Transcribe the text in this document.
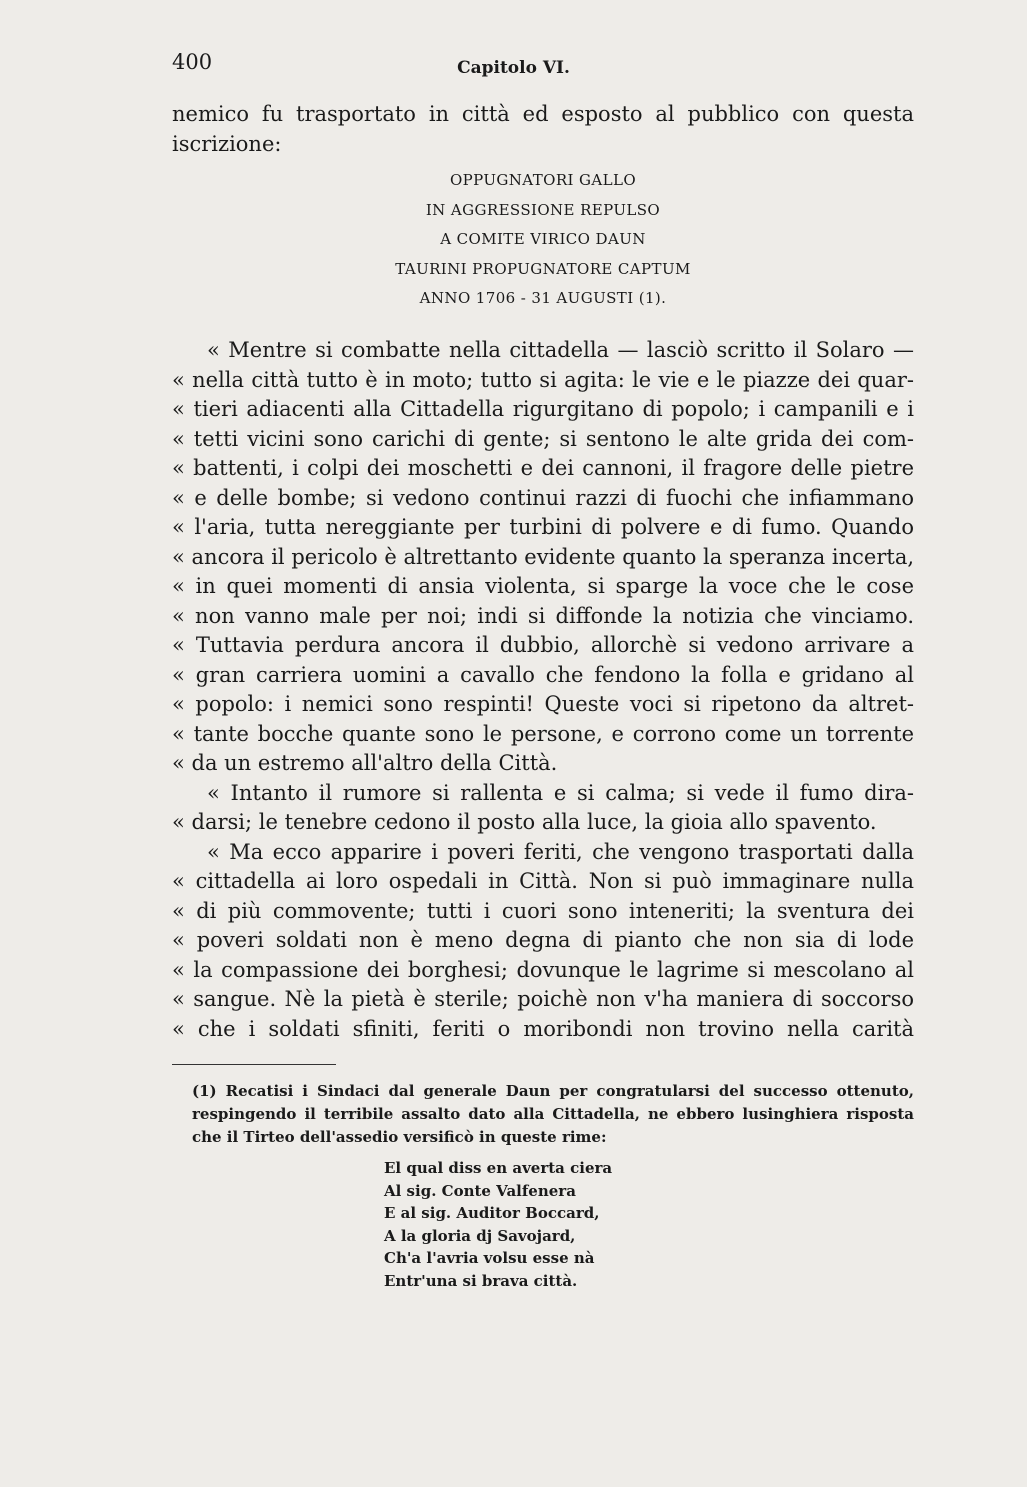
400	Capitolo VI.

nemico fu trasportato in città ed esposto al pubblico con questa iscrizione:

OPPUGNATORI GALLO
IN AGGRESSIONE REPULSO
A COMITE VIRICO DAUN
TAURINI PROPUGNATORE CAPTUM
ANNO 1706 - 31 AUGUSTI (1).
« Mentre si combatte nella cittadella — lasciò scritto il Solaro —
« nella città tutto è in moto; tutto si agita: le vie e le piazze dei quar-
« tieri adiacenti alla Cittadella rigurgitano di popolo; i campanili e i
« tetti vicini sono carichi di gente; si sentono le alte grida dei com-
« battenti, i colpi dei moschetti e dei cannoni, il fragore delle pietre
« e delle bombe; si vedono continui razzi di fuochi che infiammano
« l'aria, tutta nereggiante per turbini di polvere e di fumo. Quando
« ancora il pericolo è altrettanto evidente quanto la speranza incerta,
« in quei momenti di ansia violenta, si sparge la voce che le cose
« non vanno male per noi; indi si diffonde la notizia che vinciamo.
« Tuttavia perdura ancora il dubbio, allorchè si vedono arrivare a
« gran carriera uomini a cavallo che fendono la folla e gridano al
« popolo: i nemici sono respinti! Queste voci si ripetono da altret-
« tante bocche quante sono le persone, e corrono come un torrente
« da un estremo all'altro della Città.
« Intanto il rumore si rallenta e si calma; si vede il fumo dira-
« darsi; le tenebre cedono il posto alla luce, la gioia allo spavento.
« Ma ecco apparire i poveri feriti, che vengono trasportati dalla
« cittadella ai loro ospedali in Città. Non si può immaginare nulla
« di più commovente; tutti i cuori sono inteneriti; la sventura dei
« poveri soldati non è meno degna di pianto che non sia di lode
« la compassione dei borghesi; dovunque le lagrime si mescolano al
« sangue. Nè la pietà è sterile; poichè non v'ha maniera di soccorso
« che i soldati sfiniti, feriti o moribondi non trovino nella carità
(1) Recatisi i Sindaci dal generale Daun per congratularsi del successo ottenuto, respingendo il terribile assalto dato alla Cittadella, ne ebbero lusinghiera risposta che il Tirteo dell'assedio versificò in queste rime:
El qual diss en averta ciera
Al sig. Conte Valfenera
E al sig. Auditor Boccard,
A la gloria dj Savojard,
Ch'a l'avria volsu esse nà
Entr'una si brava città.
